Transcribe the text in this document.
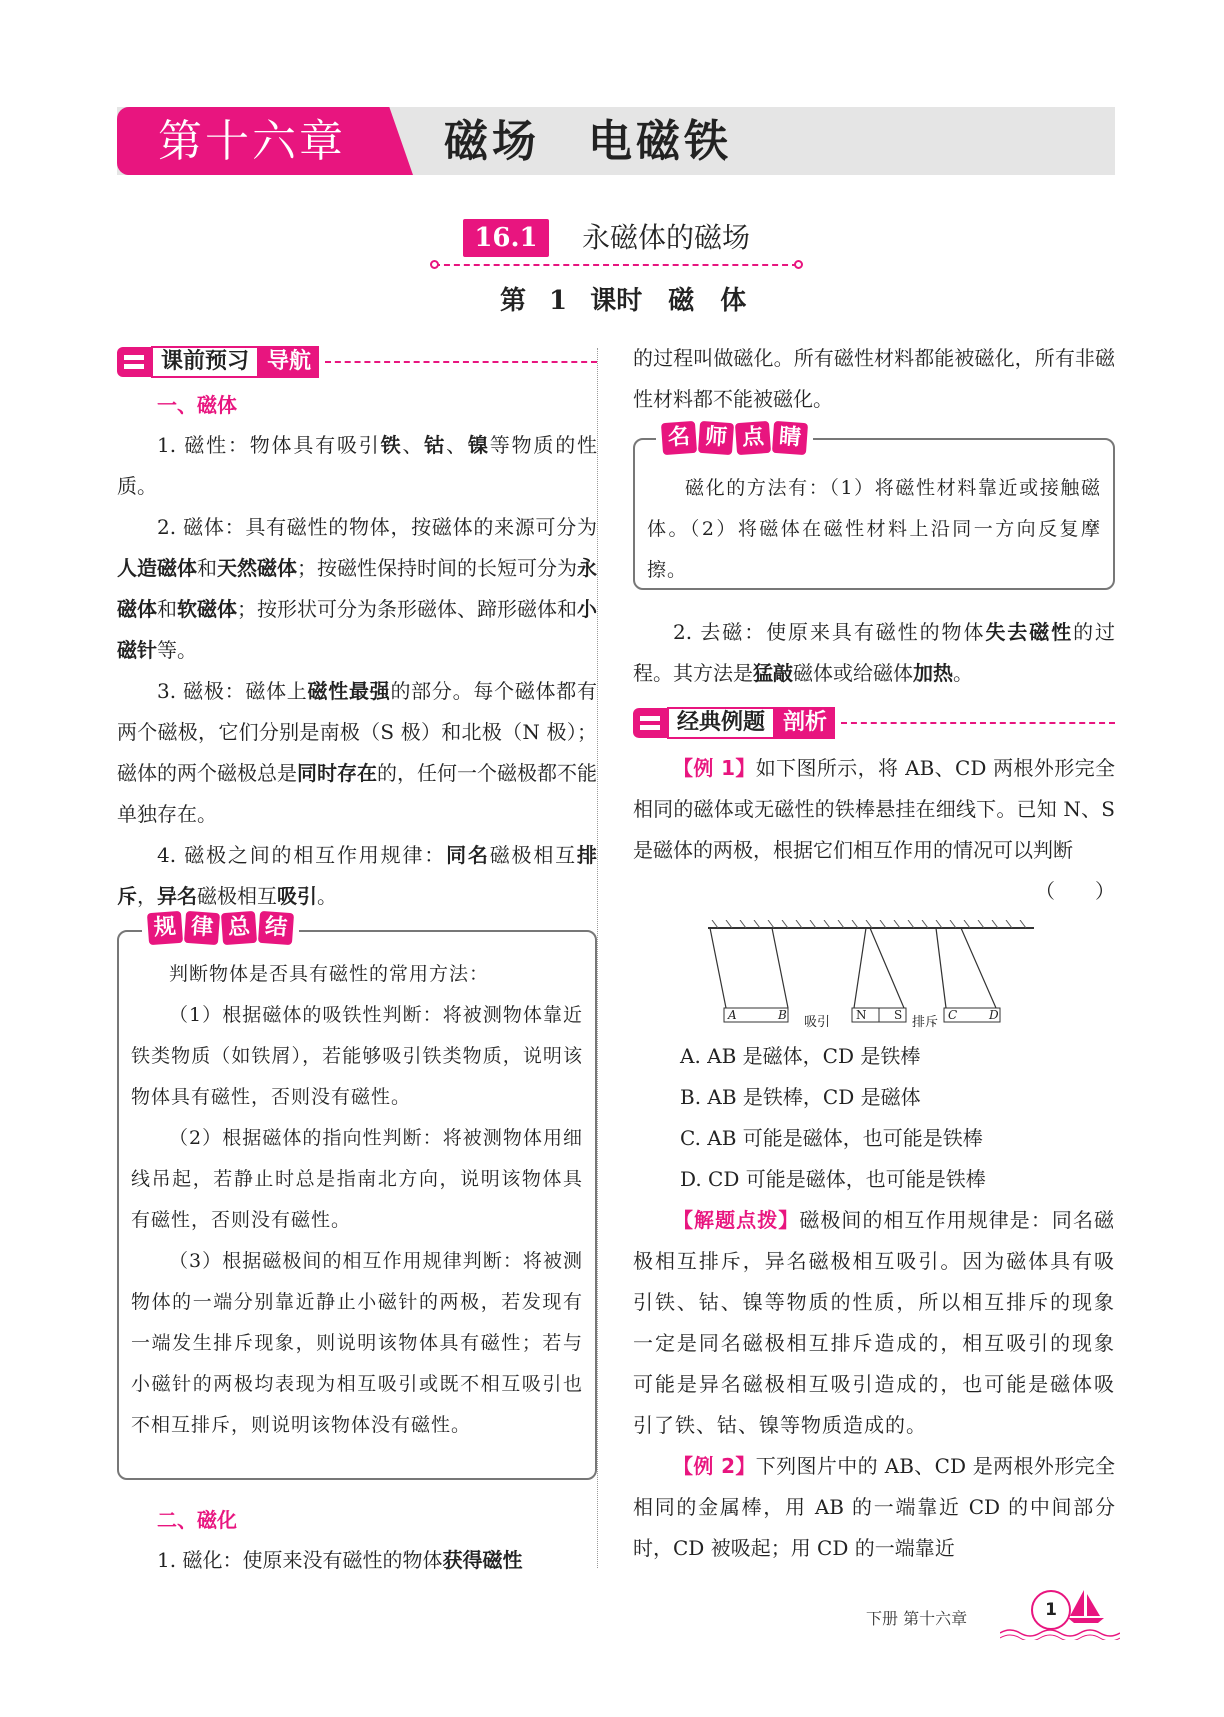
第十六章 磁场　电磁铁
16.1	永磁体的磁场
第 1 课时　磁　体
课前预习 导航
一、磁体

1. 磁性：物体具有吸引铁、钴、镍等物质的性质。

2. 磁体：具有磁性的物体，按磁体的来源可分为人造磁体和天然磁体；按磁性保持时间的长短可分为永磁体和软磁体；按形状可分为条形磁体、蹄形磁体和小磁针等。

3. 磁极：磁体上磁性最强的部分。每个磁体都有两个磁极，它们分别是南极（S 极）和北极（N 极）；磁体的两个磁极总是同时存在的，任何一个磁极都不能单独存在。

4. 磁极之间的相互作用规律：同名磁极相互排斥，异名磁极相互吸引。

判断物体是否具有磁性的常用方法：

（1）根据磁体的吸铁性判断：将被测物体靠近铁类物质（如铁屑），若能够吸引铁类物质，说明该物体具有磁性，否则没有磁性。

（2）根据磁体的指向性判断：将被测物体用细线吊起，若静止时总是指南北方向，说明该物体具有磁性，否则没有磁性。

（3）根据磁极间的相互作用规律判断：将被测物体的一端分别靠近静止小磁针的两极，若发现有一端发生排斥现象，则说明该物体具有磁性；若与小磁针的两极均表现为相互吸引或既不相互吸引也不相互排斥，则说明该物体没有磁性。

规 律 总 结
二、磁化

1. 磁化：使原来没有磁性的物体获得磁性

的过程叫做磁化。所有磁性材料都能被磁化，所有非磁性材料都不能被磁化。

磁化的方法有：（1）将磁性材料靠近或接触磁体。（2）将磁体在磁性材料上沿同一方向反复摩擦。

名 师 点 睛

2. 去磁：使原来具有磁性的物体失去磁性的过程。其方法是猛敲磁体或给磁体加热。

经典例题 剖析

【例 1】如下图所示，将 AB、CD 两根外形完全相同的磁体或无磁性的铁棒悬挂在细线下。已知 N、S 是磁体的两极，根据它们相互作用的情况可以判断
（　　）

A	B	N S	C	D
吸引	排斥
A. AB 是磁体，CD 是铁棒
B. AB 是铁棒，CD 是磁体
C. AB 可能是磁体，也可能是铁棒
D. CD 可能是磁体，也可能是铁棒

【解题点拨】磁极间的相互作用规律是：同名磁极相互排斥，异名磁极相互吸引。因为磁体具有吸引铁、钴、镍等物质的性质，所以相互排斥的现象一定是同名磁极相互排斥造成的，相互吸引的现象可能是异名磁极相互吸引造成的，也可能是磁体吸引了铁、钴、镍等物质造成的。

【例 2】下列图片中的 AB、CD 是两根外形完全相同的金属棒，用 AB 的一端靠近 CD 的中间部分时，CD 被吸起；用 CD 的一端靠近

下册 第十六章	1
